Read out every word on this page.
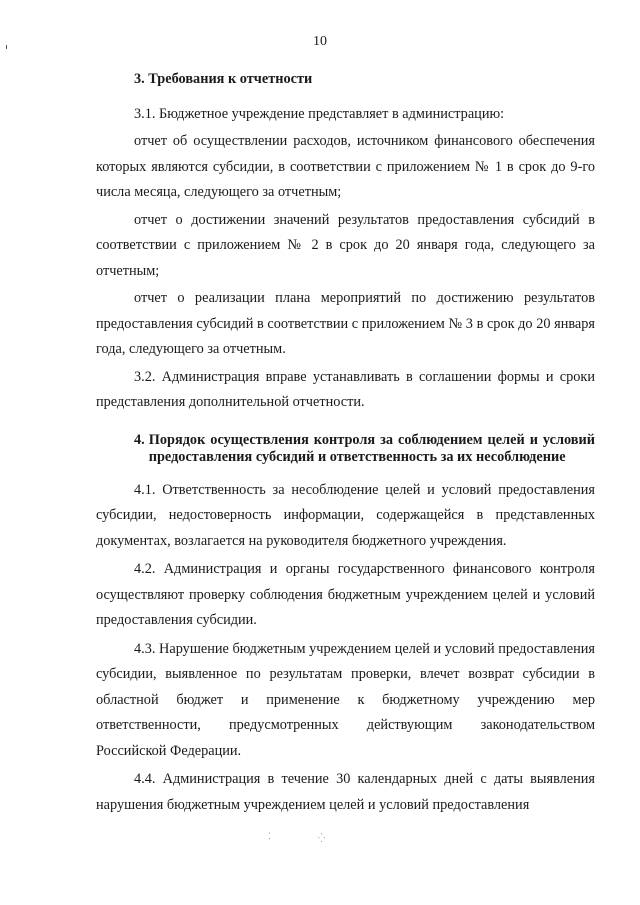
10

3. Требования к отчетности

3.1. Бюджетное учреждение представляет в администрацию:

отчет об осуществлении расходов, источником финансового обеспечения которых являются субсидии, в соответствии с приложением № 1 в срок до 9-го числа месяца, следующего за отчетным;

отчет о достижении значений результатов предоставления субсидий в соответствии с приложением № 2 в срок до 20 января года, следующего за отчетным;

отчет о реализации плана мероприятий по достижению результатов предоставления субсидий в соответствии с приложением № 3 в срок до 20 января года, следующего за отчетным.

3.2. Администрация вправе устанавливать в соглашении формы и сроки представления дополнительной отчетности.

4. Порядок осуществления контроля за соблюдением целей и условий предоставления субсидий и ответственность за их несоблюдение

4.1. Ответственность за несоблюдение целей и условий предоставления субсидии, недостоверность информации, содержащейся в представленных документах, возлагается на руководителя бюджетного учреждения.

4.2. Администрация и органы государственного финансового контроля осуществляют проверку соблюдения бюджетным учреждением целей и условий предоставления субсидии.

4.3. Нарушение бюджетным учреждением целей и условий предоставления субсидии, выявленное по результатам проверки, влечет возврат субсидии в областной бюджет и применение к бюджетному учреждению мер ответственности, предусмотренных действующим законодательством Российской Федерации.

4.4. Администрация в течение 30 календарных дней с даты выявления нарушения бюджетным учреждением целей и условий предоставления

⁚	⁛
